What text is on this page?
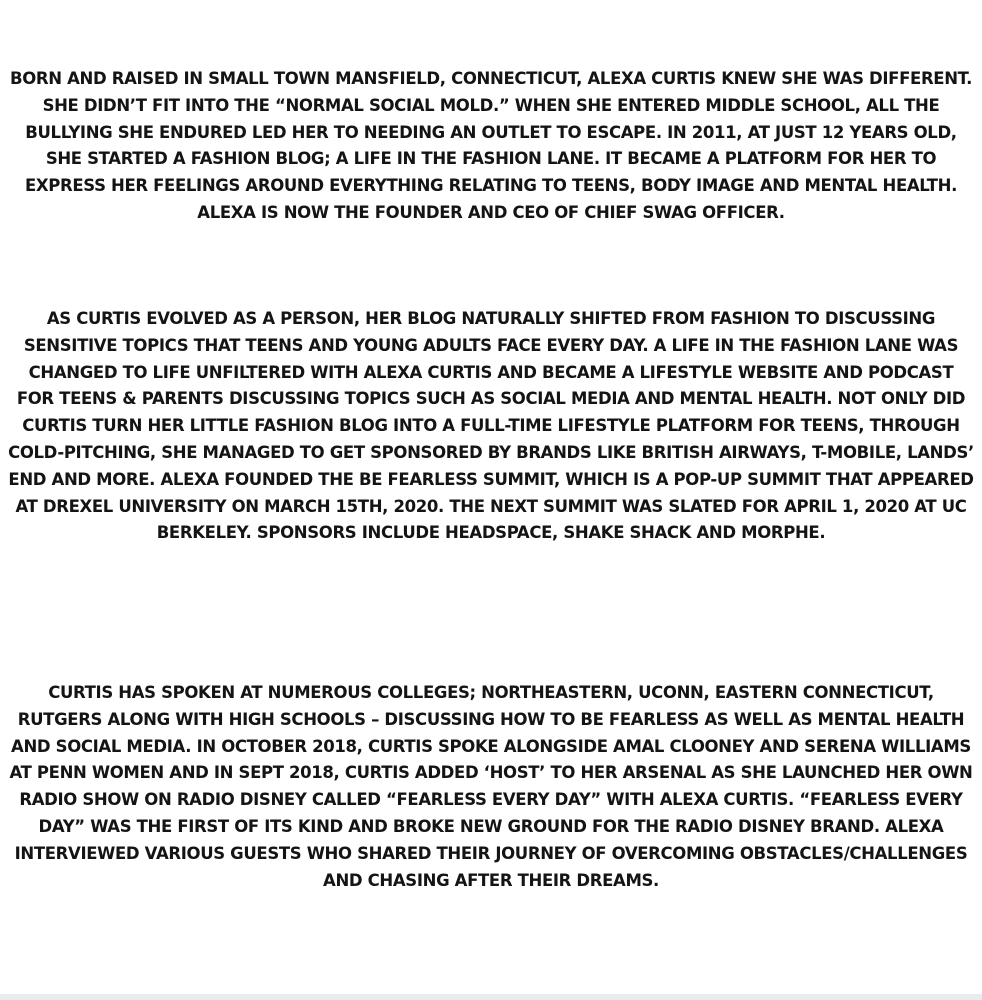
BORN AND RAISED IN SMALL TOWN MANSFIELD, CONNECTICUT, ALEXA CURTIS KNEW SHE WAS DIFFERENT. SHE DIDN’T FIT INTO THE “NORMAL SOCIAL MOLD.” WHEN SHE ENTERED MIDDLE SCHOOL, ALL THE BULLYING SHE ENDURED LED HER TO NEEDING AN OUTLET TO ESCAPE. IN 2011, AT JUST 12 YEARS OLD, SHE STARTED A FASHION BLOG; A LIFE IN THE FASHION LANE. IT BECAME A PLATFORM FOR HER TO EXPRESS HER FEELINGS AROUND EVERYTHING RELATING TO TEENS, BODY IMAGE AND MENTAL HEALTH. ALEXA IS NOW THE FOUNDER AND CEO OF CHIEF SWAG OFFICER.

AS CURTIS EVOLVED AS A PERSON, HER BLOG NATURALLY SHIFTED FROM FASHION TO DISCUSSING SENSITIVE TOPICS THAT TEENS AND YOUNG ADULTS FACE EVERY DAY. A LIFE IN THE FASHION LANE WAS CHANGED TO LIFE UNFILTERED WITH ALEXA CURTIS AND BECAME A LIFESTYLE WEBSITE AND PODCAST FOR TEENS & PARENTS DISCUSSING TOPICS SUCH AS SOCIAL MEDIA AND MENTAL HEALTH. NOT ONLY DID CURTIS TURN HER LITTLE FASHION BLOG INTO A FULL-TIME LIFESTYLE PLATFORM FOR TEENS, THROUGH COLD-PITCHING, SHE MANAGED TO GET SPONSORED BY BRANDS LIKE BRITISH AIRWAYS, T-MOBILE, LANDS’ END AND MORE. ALEXA FOUNDED THE BE FEARLESS SUMMIT, WHICH IS A POP-UP SUMMIT THAT APPEARED AT DREXEL UNIVERSITY ON MARCH 15TH, 2020. THE NEXT SUMMIT WAS SLATED FOR APRIL 1, 2020 AT UC BERKELEY. SPONSORS INCLUDE HEADSPACE, SHAKE SHACK AND MORPHE.

CURTIS HAS SPOKEN AT NUMEROUS COLLEGES; NORTHEASTERN, UCONN, EASTERN CONNECTICUT, RUTGERS ALONG WITH HIGH SCHOOLS – DISCUSSING HOW TO BE FEARLESS AS WELL AS MENTAL HEALTH AND SOCIAL MEDIA. IN OCTOBER 2018, CURTIS SPOKE ALONGSIDE AMAL CLOONEY AND SERENA WILLIAMS AT PENN WOMEN AND IN SEPT 2018, CURTIS ADDED ‘HOST’ TO HER ARSENAL AS SHE LAUNCHED HER OWN RADIO SHOW ON RADIO DISNEY CALLED “FEARLESS EVERY DAY” WITH ALEXA CURTIS. “FEARLESS EVERY DAY” WAS THE FIRST OF ITS KIND AND BROKE NEW GROUND FOR THE RADIO DISNEY BRAND. ALEXA INTERVIEWED VARIOUS GUESTS WHO SHARED THEIR JOURNEY OF OVERCOMING OBSTACLES/CHALLENGES AND CHASING AFTER THEIR DREAMS.
